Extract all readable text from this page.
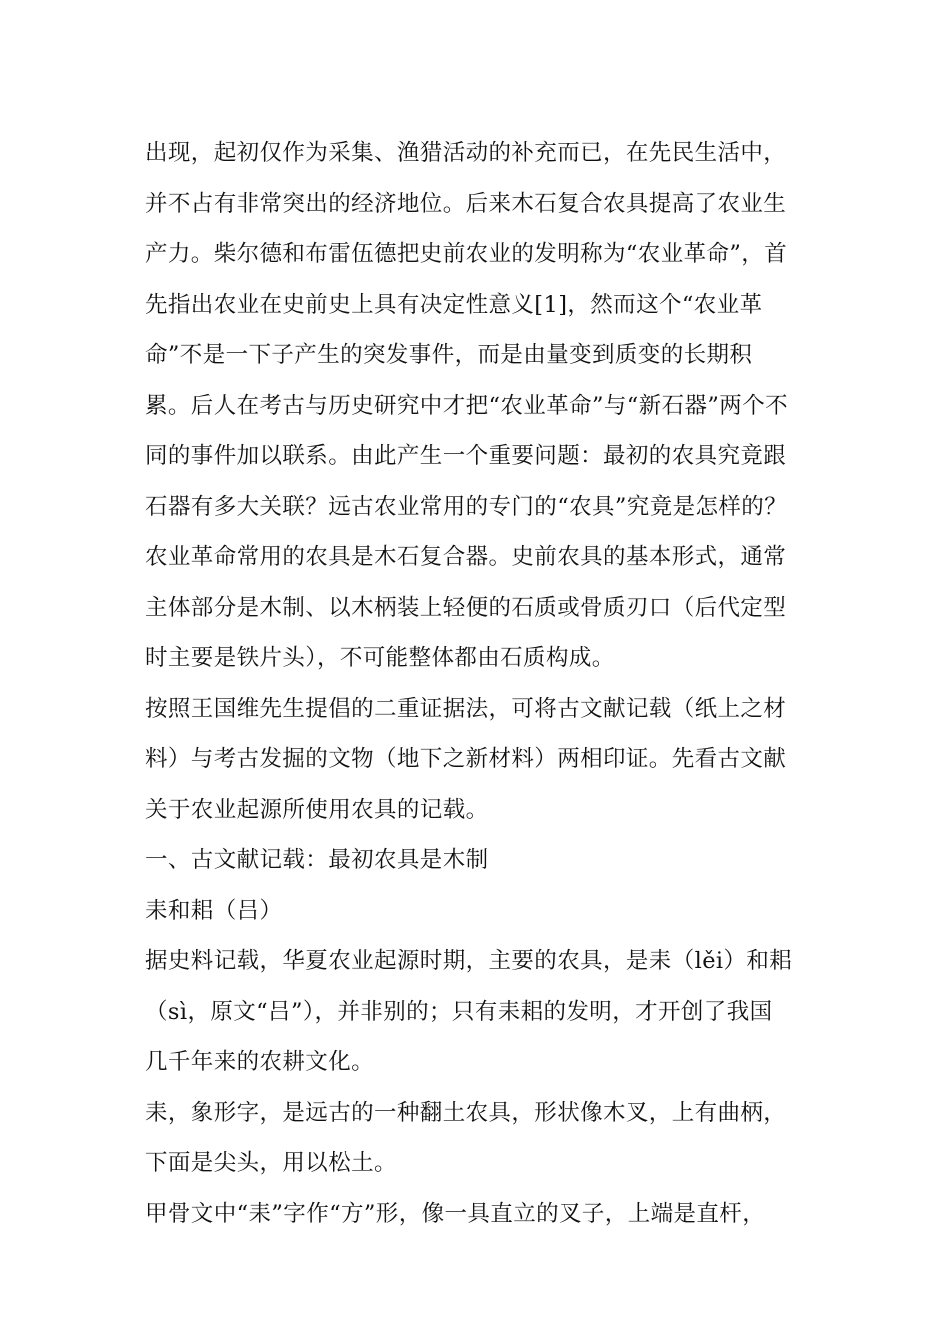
出现，起初仅作为采集、渔猎活动的补充而已，在先民生活中，并不占有非常突出的经济地位。后来木石复合农具提高了农业生产力。柴尔德和布雷伍德把史前农业的发明称为“农业革命”，首先指出农业在史前史上具有决定性意义[1]，然而这个“农业革命”不是一下子产生的突发事件，而是由量变到质变的长期积累。后人在考古与历史研究中才把“农业革命”与“新石器”两个不同的事件加以联系。由此产生一个重要问题：最初的农具究竟跟石器有多大关联？远古农业常用的专门的“农具”究竟是怎样的？农业革命常用的农具是木石复合器。史前农具的基本形式，通常主体部分是木制、以木柄装上轻便的石质或骨质刃口（后代定型时主要是铁片头），不可能整体都由石质构成。

按照王国维先生提倡的二重证据法，可将古文献记载（纸上之材料）与考古发掘的文物（地下之新材料）两相印证。先看古文献关于农业起源所使用农具的记载。

一、古文献记载：最初农具是木制

耒和耜（吕）

据史料记载，华夏农业起源时期，主要的农具，是耒（lěi）和耜（sì，原文“吕”），并非别的；只有耒耜的发明，才开创了我国几千年来的农耕文化。

耒，象形字，是远古的一种翻土农具，形状像木叉，上有曲柄，下面是尖头，用以松土。

甲骨文中“耒”字作“方”形，像一具直立的叉子，上端是直杆，
